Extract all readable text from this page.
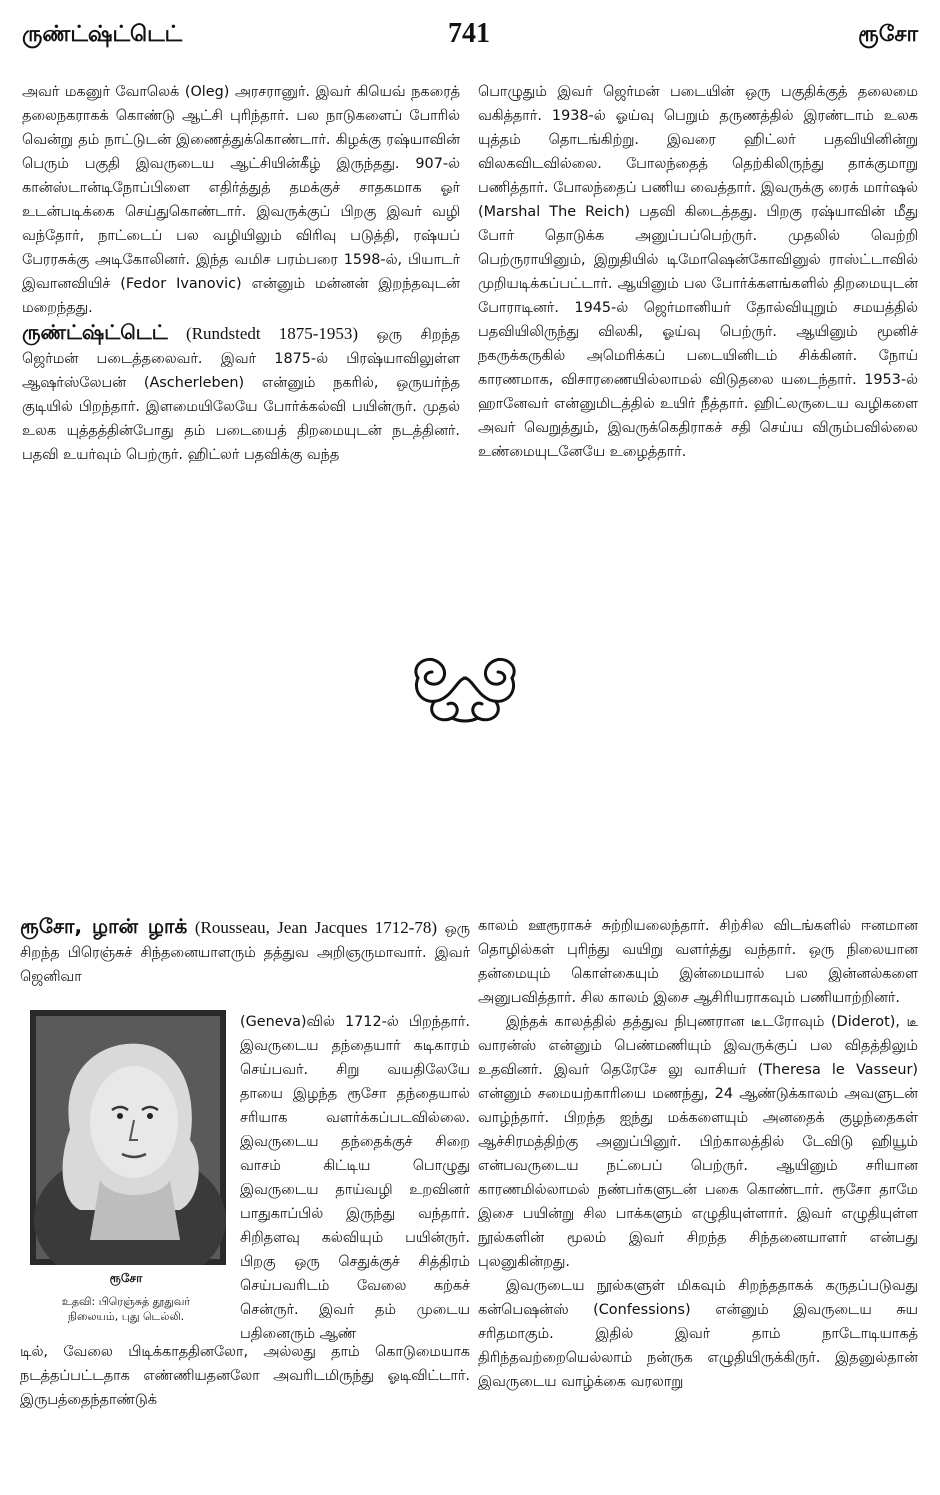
ருண்ட்ஷ்ட்டெட்	741	ரூசோ

அவர் மகனுர் வோலெக் (Oleg) அரசரானுர். இவர் கியெவ் நகரைத் தலைநகராகக் கொண்டு ஆட்சி புரிந்தார். பல நாடுகளைப் போரில் வென்று தம் நாட்டுடன் இணைத்துக்கொண்டார். கிழக்கு ரஷ்யாவின் பெரும் பகுதி இவருடைய ஆட்சியின்கீழ் இருந்தது. 907-ல் கான்ஸ்டான்டிநோப்பிளை எதிர்த்துத் தமக்குச் சாதகமாக ஓர் உடன்படிக்கை செய்துகொண்டார். இவருக்குப் பிறகு இவர் வழி வந்தோர், நாட்டைப் பல வழியிலும் விரிவு படுத்தி, ரஷ்யப் பேரரசுக்கு அடிகோலினர். இந்த வமிச பரம்பரை 1598-ல், பியாடர் இவானவியிச் (Fedor Ivanovic) என்னும் மன்னன் இறந்தவுடன் மறைந்தது.

ருண்ட்ஷ்ட்டெட் (Rundstedt 1875-1953) ஒரு சிறந்த ஜெர்மன் படைத்தலைவர். இவர் 1875-ல் பிரஷ்யாவிலுள்ள ஆஷர்ஸ்லேபன் (Ascherleben) என்னும் நகரில், ஒருயர்ந்த குடியில் பிறந்தார். இளமையிலேயே போர்க்கல்வி பயின்ருர். முதல் உலக யுத்தத்தின்போது தம் படையைத் திறமையுடன் நடத்தினர். பதவி உயர்வும் பெற்ருர். ஹிட்லர் பதவிக்கு வந்த

பொழுதும் இவர் ஜெர்மன் படையின் ஒரு பகுதிக்குத் தலைமை வகித்தார். 1938-ல் ஓய்வு பெறும் தருணத்தில் இரண்டாம் உலக யுத்தம் தொடங்கிற்று. இவரை ஹிட்லர் பதவியினின்று விலகவிடவில்லை. போலந்தைத் தெற்கிலிருந்து தாக்குமாறு பணித்தார். போலந்தைப் பணிய வைத்தார். இவருக்கு ரைக் மார்ஷல் (Marshal The Reich) பதவி கிடைத்தது. பிறகு ரஷ்யாவின் மீது போர் தொடுக்க அனுப்பப்பெற்ருர். முதலில் வெற்றி பெற்ருராயினும், இறுதியில் டிமோஷென்கோவினுல் ராஸ்ட்டாவில் முறியடிக்கப்பட்டார். ஆயினும் பல போர்க்களங்களில் திறமையுடன் போராடினர். 1945-ல் ஜெர்மானியர் தோல்வியுறும் சமயத்தில் பதவியிலிருந்து விலகி, ஓய்வு பெற்ருர். ஆயினும் மூனிச் நகருக்கருகில் அமெரிக்கப் படையினிடம் சிக்கினர். நோய் காரணமாக, விசாரணையில்லாமல் விடுதலை யடைந்தார். 1953-ல் ஹானேவர் என்னுமிடத்தில் உயிர் நீத்தார். ஹிட்லருடைய வழிகளை அவர் வெறுத்தும், இவருக்கெதிராகச் சதி செய்ய விரும்பவில்லை உண்மையுடனேயே உழைத்தார்.

ரூசோ, ழான் ழாக் (Rousseau, Jean Jacques 1712-78) ஒரு சிறந்த பிரெஞ்சுச் சிந்தனையாளரும் தத்துவ அறிஞருமாவார். இவர் ஜெனிவா
ரூசோ
உதவி: பிரெஞ்சுத் தூதுவர்
நிலையம், புது டெல்லி.
(Geneva)வில் 1712-ல் பிறந்தார். இவருடைய தந்தையார் கடிகாரம் செய்பவர். சிறு வயதிலேயே தாயை இழந்த ரூசோ தந்தையால் சரியாக வளர்க்கப்படவில்லை. இவருடைய தந்தைக்குச் சிறை வாசம் கிட்டிய பொழுது இவருடைய தாய்வழி உறவினர் பாதுகாப்பில் இருந்து வந்தார். சிறிதளவு கல்வியும் பயின்ருர். பிறகு ஒரு செதுக்குச் சித்திரம் செய்பவரிடம் வேலை கற்கச் சென்ருர். இவர் தம் முடைய பதினைரும் ஆண்
டில், வேலை பிடிக்காததினலோ, அல்லது தாம் கொடுமையாக நடத்தப்பட்டதாக எண்ணியதனலோ அவரிடமிருந்து ஓடிவிட்டார். இருபத்தைந்தாண்டுக்

காலம் ஊரூராகச் சுற்றியலைந்தார். சிற்சில விடங்களில் ஈனமான தொழில்கள் புரிந்து வயிறு வளர்த்து வந்தார். ஒரு நிலையான தன்மையும் கொள்கையும் இன்மையால் பல இன்னல்களை அனுபவித்தார். சில காலம் இசை ஆசிரியராகவும் பணியாற்றினர்.

இந்தக் காலத்தில் தத்துவ நிபுணரான டீடரோவும் (Diderot), டீ வாரன்ஸ் என்னும் பெண்மணியும் இவருக்குப் பல விதத்திலும் உதவினர். இவர் தெரேசே லு வாசியர் (Theresa le Vasseur) என்னும் சமையற்காரியை மணந்து, 24 ஆண்டுக்காலம் அவளுடன் வாழ்ந்தார். பிறந்த ஐந்து மக்களையும் அனதைக் குழந்தைகள் ஆச்சிரமத்திற்கு அனுப்பினுர். பிற்காலத்தில் டேவிடு ஹியூம் என்பவருடைய நட்பைப் பெற்ருர். ஆயினும் சரியான காரணமில்லாமல் நண்பர்களுடன் பகை கொண்டார். ரூசோ தாமே இசை பயின்று சில பாக்களும் எழுதியுள்ளார். இவர் எழுதியுள்ள நூல்களின் மூலம் இவர் சிறந்த சிந்தனையாளர் என்பது புலனுகின்றது.

இவருடைய நூல்களுள் மிகவும் சிறந்ததாகக் கருதப்படுவது கன்பெஷன்ஸ் (Confessions) என்னும் இவருடைய சுய சரிதமாகும். இதில் இவர் தாம் நாடோடியாகத் திரிந்தவற்றையெல்லாம் நன்ருக எழுதியிருக்கிருர். இதனுல்தான் இவருடைய வாழ்க்கை வரலாறு
